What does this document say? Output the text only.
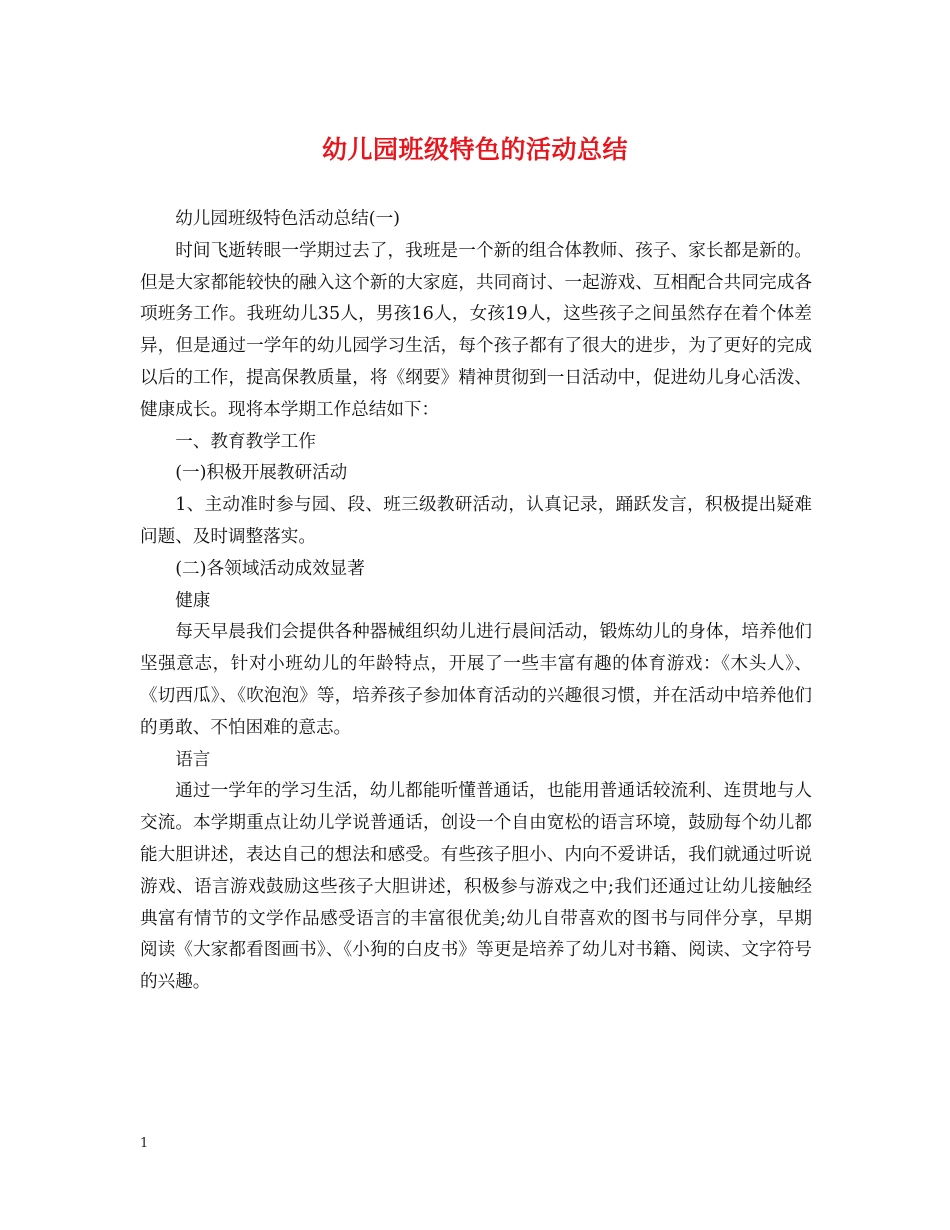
幼儿园班级特色的活动总结

幼儿园班级特色活动总结(一)

时间飞逝转眼一学期过去了，我班是一个新的组合体教师、孩子、家长都是新的。但是大家都能较快的融入这个新的大家庭，共同商讨、一起游戏、互相配合共同完成各项班务工作。我班幼儿35人，男孩16人，女孩19人，这些孩子之间虽然存在着个体差异，但是通过一学年的幼儿园学习生活，每个孩子都有了很大的进步，为了更好的完成以后的工作，提高保教质量，将《纲要》精神贯彻到一日活动中，促进幼儿身心活泼、健康成长。现将本学期工作总结如下：

一、教育教学工作

(一)积极开展教研活动

1、主动准时参与园、段、班三级教研活动，认真记录，踊跃发言，积极提出疑难问题、及时调整落实。

(二)各领域活动成效显著

健康

每天早晨我们会提供各种器械组织幼儿进行晨间活动，锻炼幼儿的身体，培养他们坚强意志，针对小班幼儿的年龄特点，开展了一些丰富有趣的体育游戏：《木头人》、《切西瓜》、《吹泡泡》等，培养孩子参加体育活动的兴趣很习惯，并在活动中培养他们的勇敢、不怕困难的意志。

语言

通过一学年的学习生活，幼儿都能听懂普通话，也能用普通话较流利、连贯地与人交流。本学期重点让幼儿学说普通话，创设一个自由宽松的语言环境，鼓励每个幼儿都能大胆讲述，表达自己的想法和感受。有些孩子胆小、内向不爱讲话，我们就通过听说游戏、语言游戏鼓励这些孩子大胆讲述，积极参与游戏之中;我们还通过让幼儿接触经典富有情节的文学作品感受语言的丰富很优美;幼儿自带喜欢的图书与同伴分享，早期阅读《大家都看图画书》、《小狗的白皮书》等更是培养了幼儿对书籍、阅读、文字符号的兴趣。

1
